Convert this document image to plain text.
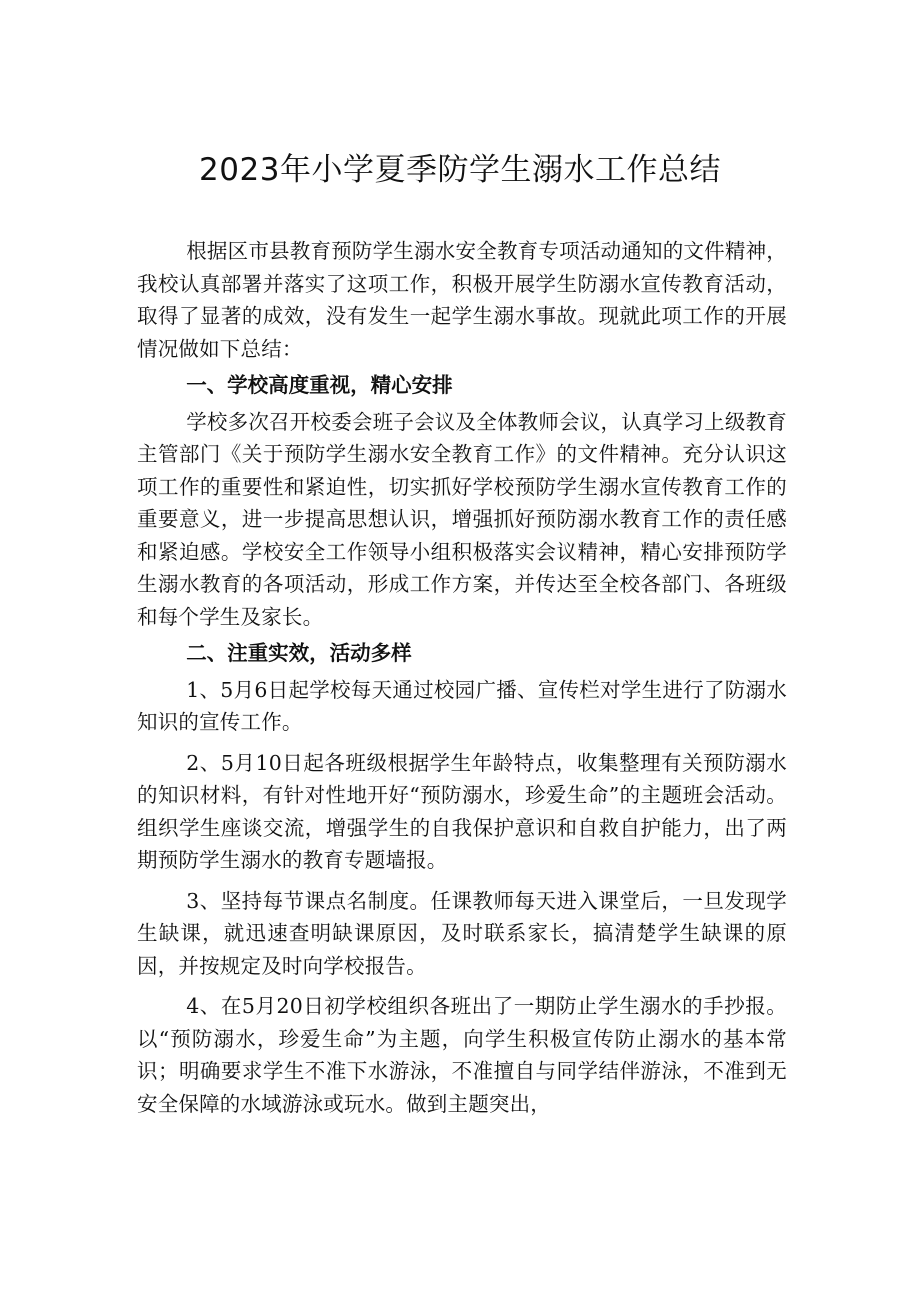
2023年小学夏季防学生溺水工作总结

根据区市县教育预防学生溺水安全教育专项活动通知的文件精神，我校认真部署并落实了这项工作，积极开展学生防溺水宣传教育活动，取得了显著的成效，没有发生一起学生溺水事故。现就此项工作的开展情况做如下总结：

一、学校高度重视，精心安排

学校多次召开校委会班子会议及全体教师会议，认真学习上级教育主管部门《关于预防学生溺水安全教育工作》的文件精神。充分认识这项工作的重要性和紧迫性，切实抓好学校预防学生溺水宣传教育工作的重要意义，进一步提高思想认识，增强抓好预防溺水教育工作的责任感和紧迫感。学校安全工作领导小组积极落实会议精神，精心安排预防学生溺水教育的各项活动，形成工作方案，并传达至全校各部门、各班级和每个学生及家长。

二、注重实效，活动多样

1、5月6日起学校每天通过校园广播、宣传栏对学生进行了防溺水知识的宣传工作。

2、5月10日起各班级根据学生年龄特点，收集整理有关预防溺水的知识材料，有针对性地开好“预防溺水，珍爱生命”的主题班会活动。组织学生座谈交流，增强学生的自我保护意识和自救自护能力，出了两期预防学生溺水的教育专题墙报。

3、坚持每节课点名制度。任课教师每天进入课堂后，一旦发现学生缺课，就迅速查明缺课原因，及时联系家长，搞清楚学生缺课的原因，并按规定及时向学校报告。

4、在5月20日初学校组织各班出了一期防止学生溺水的手抄报。以“预防溺水，珍爱生命”为主题，向学生积极宣传防止溺水的基本常识；明确要求学生不准下水游泳，不准擅自与同学结伴游泳，不准到无安全保障的水域游泳或玩水。做到主题突出，
